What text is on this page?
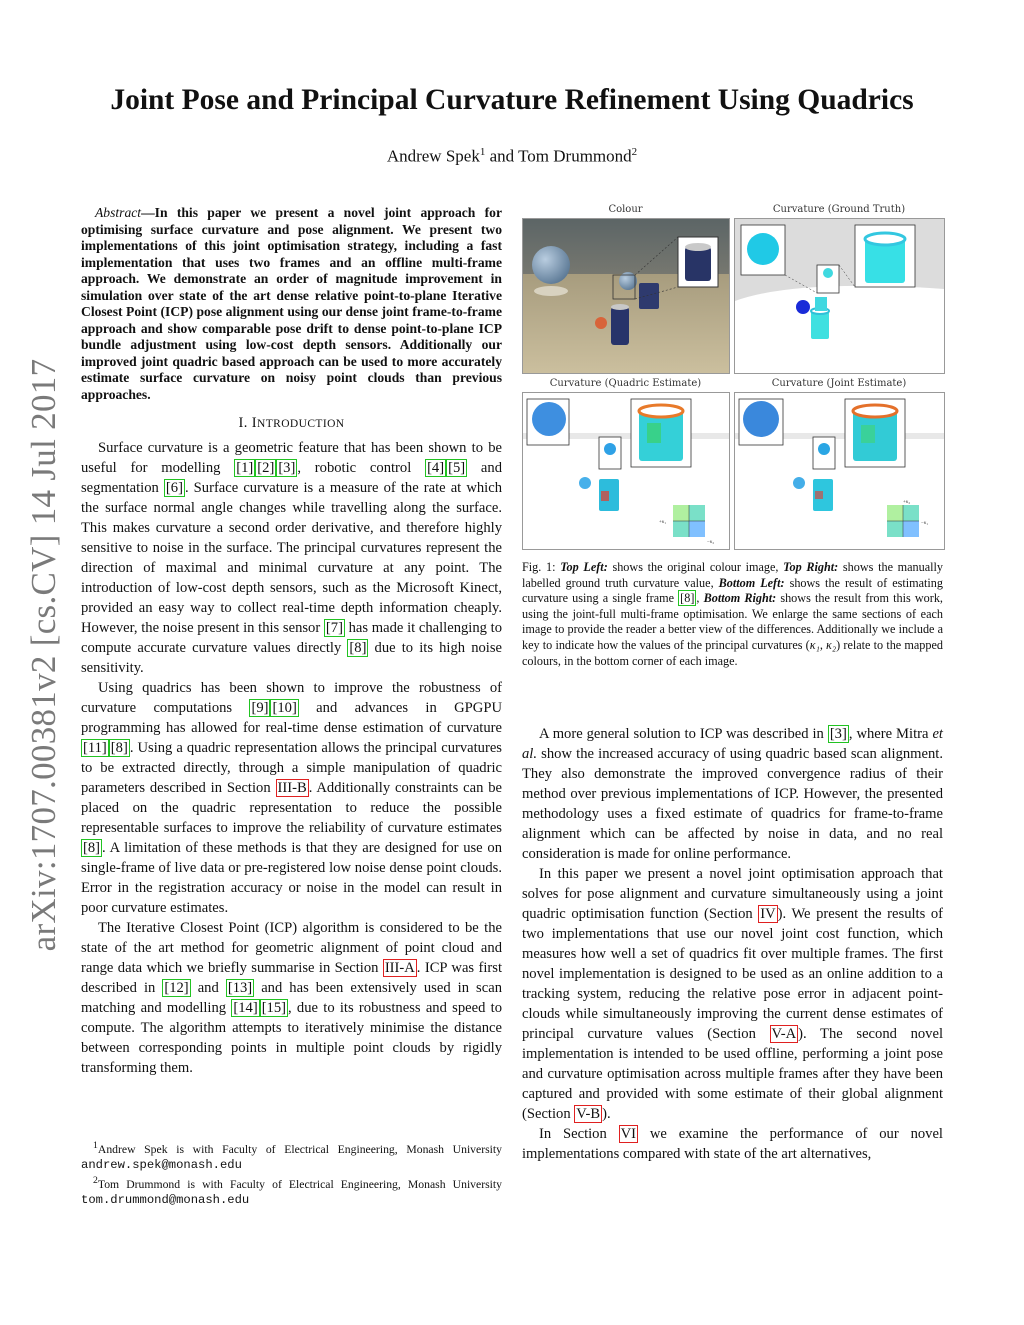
arXiv:1707.00381v2 [cs.CV] 14 Jul 2017
Joint Pose and Principal Curvature Refinement Using Quadrics
Andrew Spek$^1$ and Tom Drummond$^2$

Abstract—In this paper we present a novel joint approach for optimising surface curvature and pose alignment. We present two implementations of this joint optimisation strategy, including a fast implementation that uses two frames and an offline multi-frame approach. We demonstrate an order of magnitude improvement in simulation over state of the art dense relative point-to-plane Iterative Closest Point (ICP) pose alignment using our dense joint frame-to-frame approach and show comparable pose drift to dense point-to-plane ICP bundle adjustment using low-cost depth sensors. Additionally our improved joint quadric based approach can be used to more accurately estimate surface curvature on noisy point clouds than previous approaches.

I. INTRODUCTION

Surface curvature is a geometric feature that has been shown to be useful for modelling [1] [2] [3] , robotic control [4] [5] and segmentation [6] . Surface curvature is a measure of the rate at which the surface normal angle changes while travelling along the surface. This makes curvature a second order derivative, and therefore highly sensitive to noise in the surface. The principal curvatures represent the direction of maximal and minimal curvature at any point. The introduction of low-cost depth sensors, such as the Microsoft Kinect, provided an easy way to collect real-time depth information cheaply. However, the noise present in this sensor [7] has made it challenging to compute accurate curvature values directly [8] due to its high noise sensitivity.

Using quadrics has been shown to improve the robustness of curvature computations [9] [10] and advances in GPGPU programming has allowed for real-time dense estimation of curvature [11] [8] . Using a quadric representation allows the principal curvatures to be extracted directly, through a simple manipulation of quadric parameters described in Section III-B . Additionally constraints can be placed on the quadric representation to reduce the possible representable surfaces to improve the reliability of curvature estimates [8] . A limitation of these methods is that they are designed for use on single-frame of live data or pre-registered low noise dense point clouds. Error in the registration accuracy or noise in the model can result in poor curvature estimates.

The Iterative Closest Point (ICP) algorithm is considered to be the state of the art method for geometric alignment of point cloud and range data which we briefly summarise in Section III-A . ICP was first described in [12] and [13] and has been extensively used in scan matching and modelling [14] [15] , due to its robustness and speed to compute. The algorithm attempts to iteratively minimise the distance between corresponding points in multiple point clouds by rigidly transforming them.

$^1$Andrew Spek is with Faculty of Electrical Engineering, Monash University andrew.spek@monash.edu
$^2$Tom Drummond is with Faculty of Electrical Engineering, Monash University tom.drummond@monash.edu
Colour	Curvature (Ground Truth)
Curvature (Quadric Estimate)	Curvature (Joint Estimate)
+κ₁
−κ₂
+κ₂
−κ₁
Fig. 1: Top Left: shows the original colour image, Top Right: shows the manually labelled ground truth curvature value, Bottom Left: shows the result of estimating curvature using a single frame [8] , Bottom Right: shows the result from this work, using the joint-full multi-frame optimisation. We enlarge the same sections of each image to provide the reader a better view of the differences. Additionally we include a key to indicate how the values of the principal curvatures (κ₁, κ₂) relate to the mapped colours, in the bottom corner of each image.

A more general solution to ICP was described in [3] , where Mitra et al. show the increased accuracy of using quadric based scan alignment. They also demonstrate the improved convergence radius of their method over previous implementations of ICP. However, the presented methodology uses a fixed estimate of quadrics for frame-to-frame alignment which can be affected by noise in data, and no real consideration is made for online performance.

In this paper we present a novel joint optimisation approach that solves for pose alignment and curvature simultaneously using a joint quadric optimisation function (Section IV ). We present the results of two implementations that use our novel joint cost function, which measures how well a set of quadrics fit over multiple frames. The first novel implementation is designed to be used as an online addition to a tracking system, reducing the relative pose error in adjacent point-clouds while simultaneously improving the current dense estimates of principal curvature values (Section V-A ). The second novel implementation is intended to be used offline, performing a joint pose and curvature optimisation across multiple frames after they have been captured and provided with some estimate of their global alignment (Section V-B ).

In Section VI we examine the performance of our novel implementations compared with state of the art alternatives,
